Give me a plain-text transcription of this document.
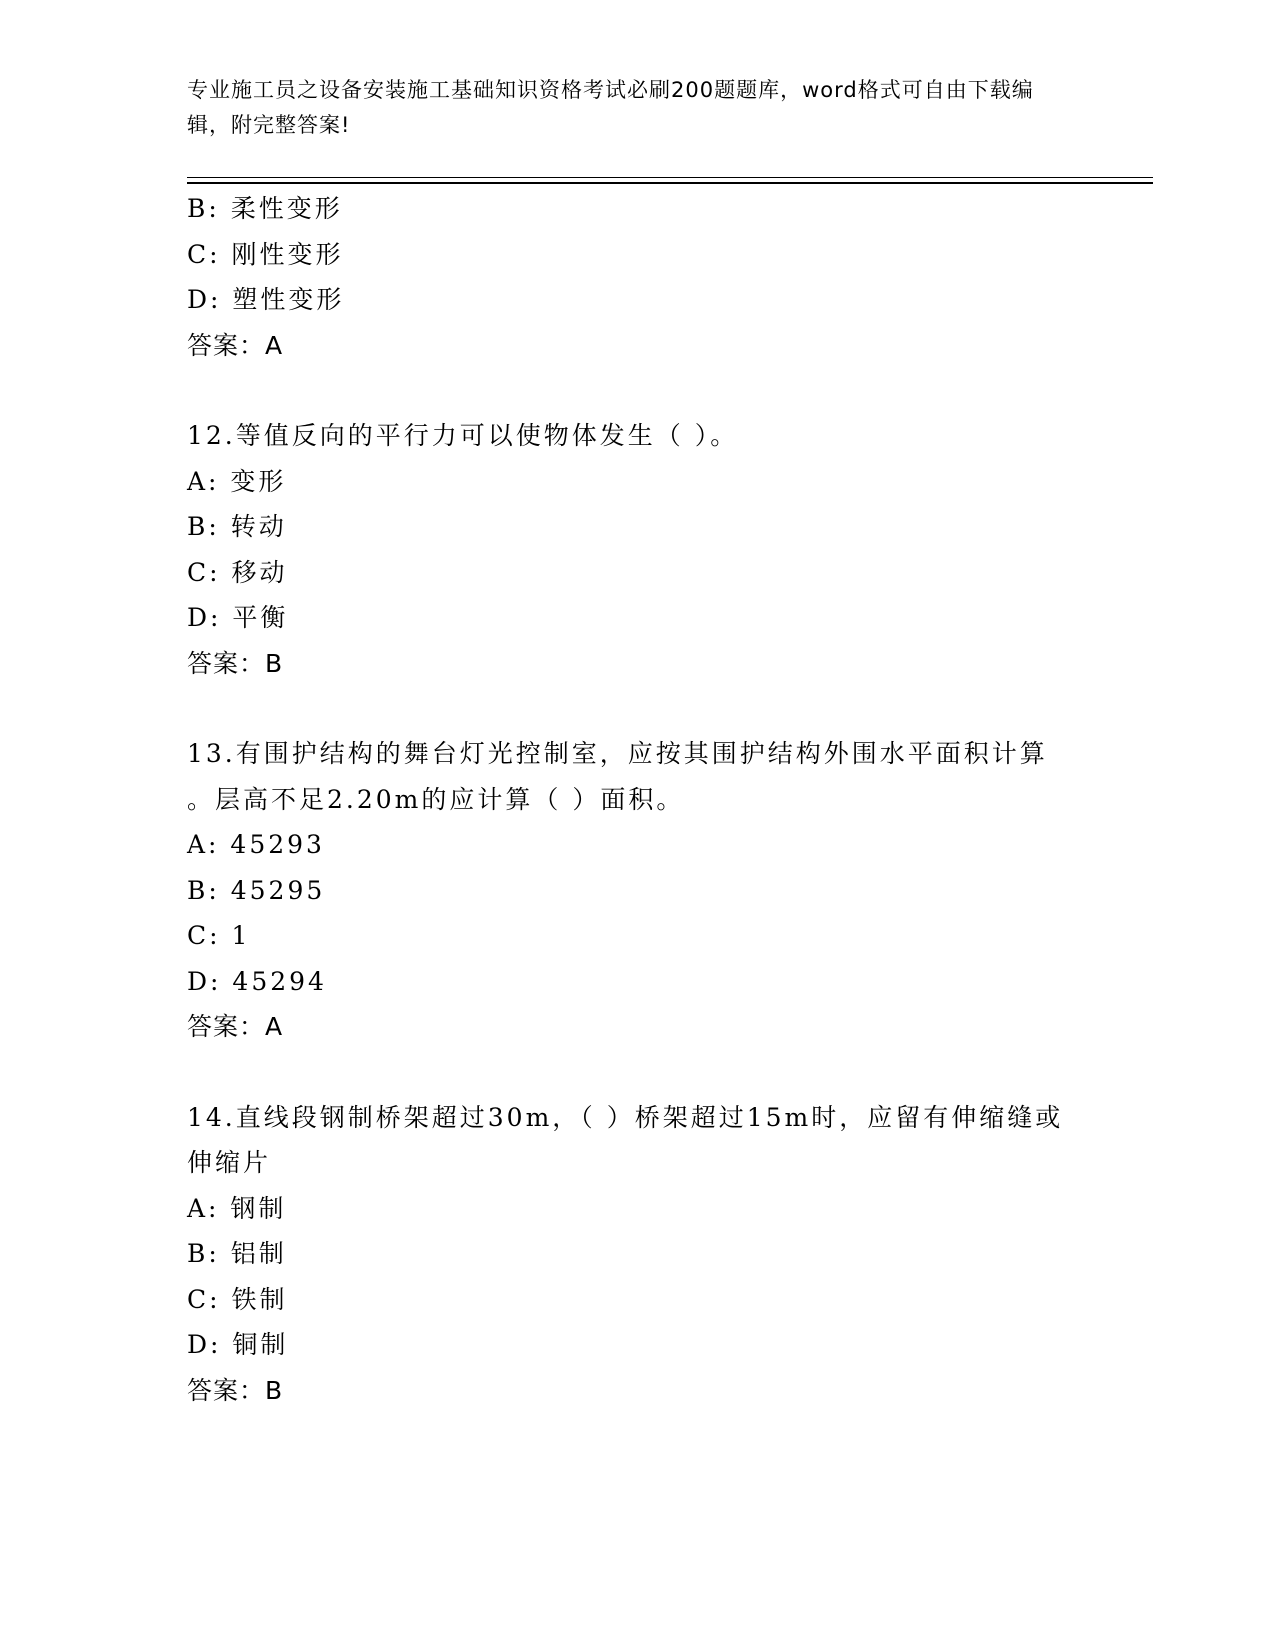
专业施工员之设备安装施工基础知识资格考试必刷200题题库，word格式可自由下载编辑，附完整答案!
B: 柔性变形
C: 刚性变形
D: 塑性变形
答案：A
12.等值反向的平行力可以使物体发生（ ）。
A: 变形
B: 转动
C: 移动
D: 平衡
答案：B
13.有围护结构的舞台灯光控制室，应按其围护结构外围水平面积计算
。层高不足2.20m的应计算（ ）面积。
A: 45293
B: 45295
C: 1
D: 45294
答案：A
14.直线段钢制桥架超过30m，（ ）桥架超过15m时，应留有伸缩缝或
伸缩片
A: 钢制
B: 铝制
C: 铁制
D: 铜制
答案：B
